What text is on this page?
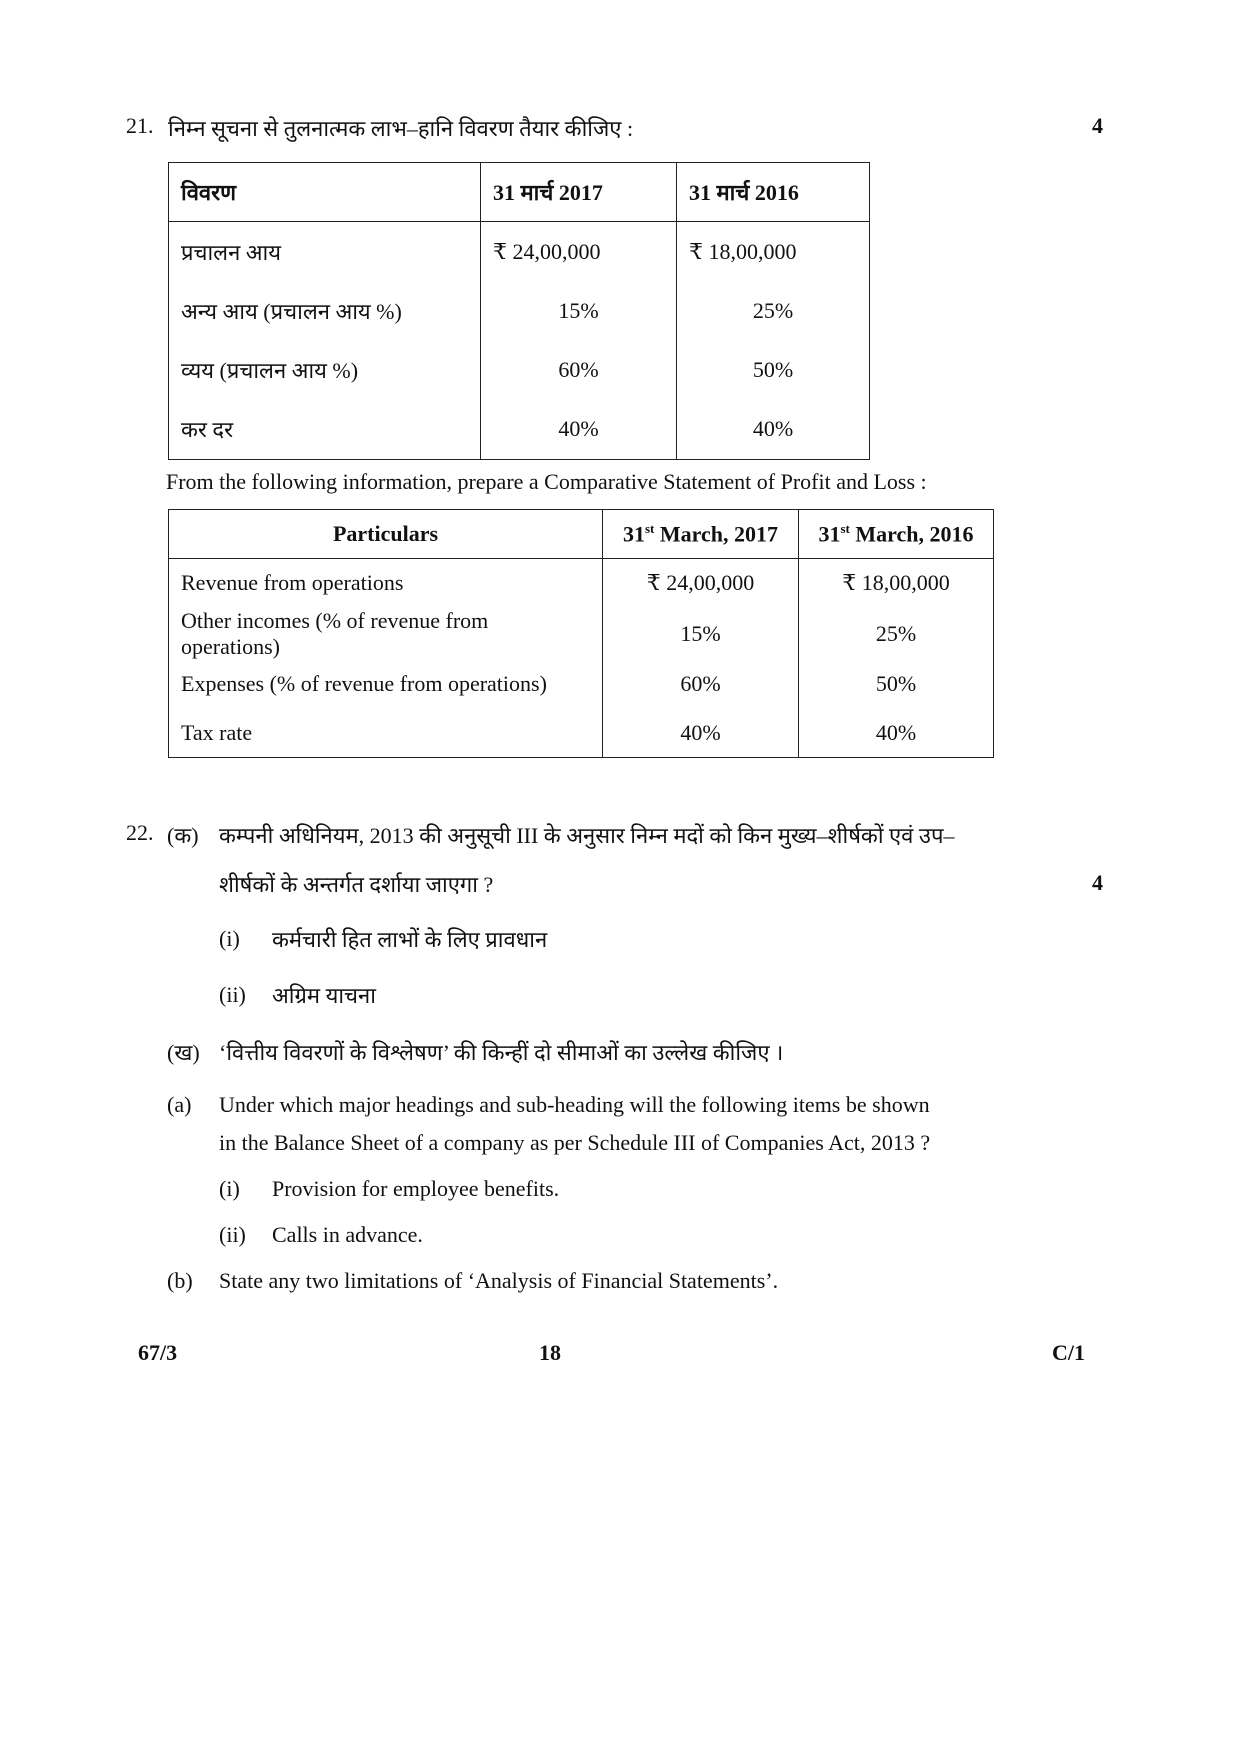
21. निम्न सूचना से तुलनात्मक लाभ–हानि विवरण तैयार कीजिए :	4
विवरण	31 मार्च 2017	31 मार्च 2016
प्रचालन आय	₹ 24,00,000	₹ 18,00,000
अन्य आय (प्रचालन आय %)	15%	25%
व्यय (प्रचालन आय %)	60%	50%
कर दर	40%	40%
From the following information, prepare a Comparative Statement of Profit and Loss :
Particulars	31st March, 2017	31st March, 2016
Revenue from operations	₹ 24,00,000	₹ 18,00,000
Other incomes (% of revenue from operations)	15%	25%
Expenses (% of revenue from operations)	60%	50%
Tax rate	40%	40%
22. (क) कम्पनी अधिनियम, 2013 की अनुसूची III के अनुसार निम्न मदों को किन मुख्य–शीर्षकों एवं उप–
शीर्षकों के अन्तर्गत दर्शाया जाएगा ?	4
(i) कर्मचारी हित लाभों के लिए प्रावधान
(ii) अग्रिम याचना
(ख) ‘वित्तीय विवरणों के विश्लेषण’ की किन्हीं दो सीमाओं का उल्लेख कीजिए ।
(a) Under which major headings and sub-heading will the following items be shown
in the Balance Sheet of a company as per Schedule III of Companies Act, 2013 ?
(i) Provision for employee benefits.
(ii) Calls in advance.
(b) State any two limitations of ‘Analysis of Financial Statements’.
67/3	18	C/1
